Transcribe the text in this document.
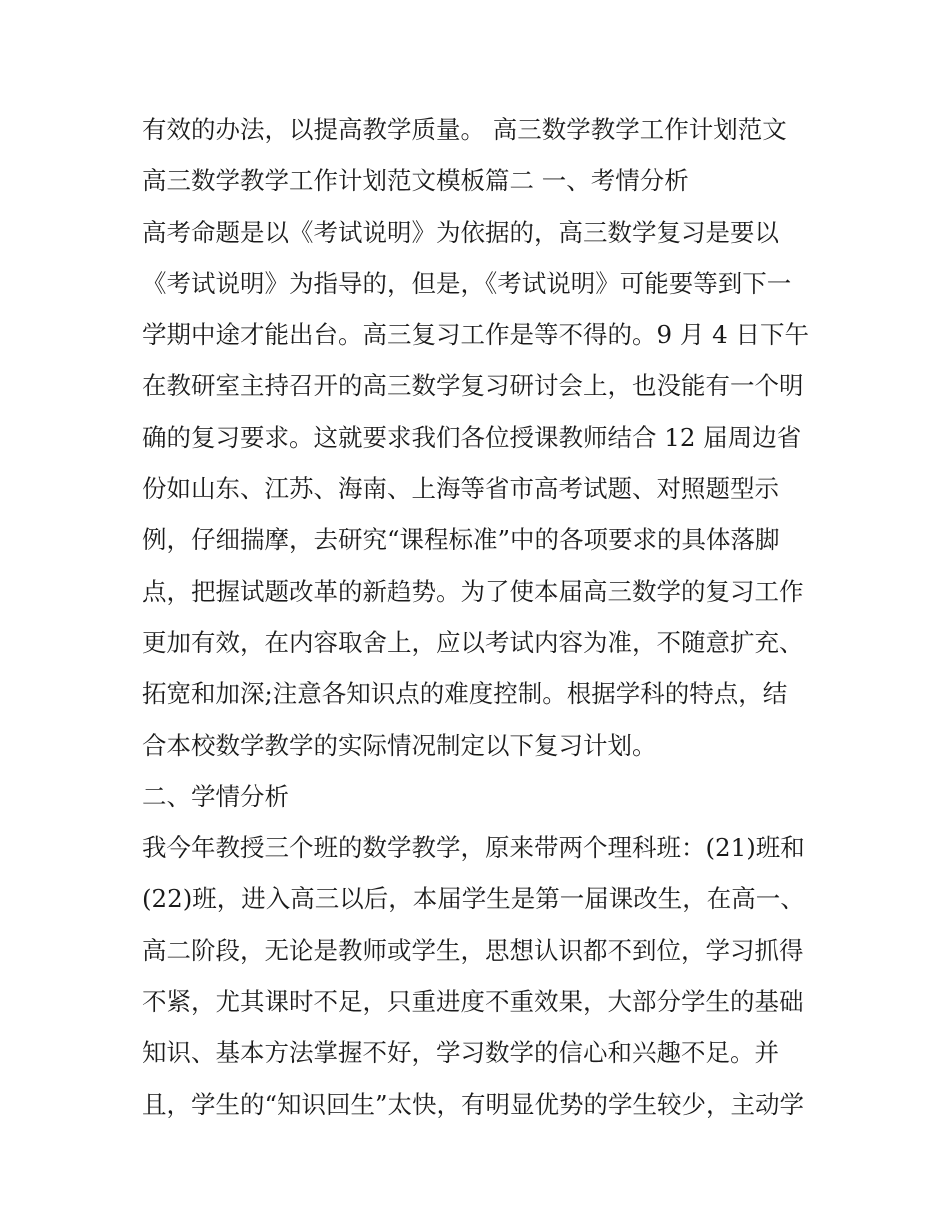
有效的办法，以提高教学质量。 高三数学教学工作计划范文
高三数学教学工作计划范文模板篇二 一、考情分析
高考命题是以《考试说明》为依据的，高三数学复习是要以
《考试说明》为指导的，但是，《考试说明》可能要等到下一
学期中途才能出台。高三复习工作是等不得的。9 月 4 日下午
在教研室主持召开的高三数学复习研讨会上，也没能有一个明
确的复习要求。这就要求我们各位授课教师结合 12 届周边省
份如山东、江苏、海南、上海等省市高考试题、对照题型示
例，仔细揣摩，去研究“课程标准”中的各项要求的具体落脚
点，把握试题改革的新趋势。为了使本届高三数学的复习工作
更加有效，在内容取舍上，应以考试内容为准，不随意扩充、
拓宽和加深;注意各知识点的难度控制。根据学科的特点，结
合本校数学教学的实际情况制定以下复习计划。
二、学情分析
我今年教授三个班的数学教学，原来带两个理科班：(21)班和
(22)班，进入高三以后，本届学生是第一届课改生，在高一、
高二阶段，无论是教师或学生，思想认识都不到位，学习抓得
不紧，尤其课时不足，只重进度不重效果，大部分学生的基础
知识、基本方法掌握不好，学习数学的信心和兴趣不足。并
且，学生的“知识回生”太快，有明显优势的学生较少，主动学
